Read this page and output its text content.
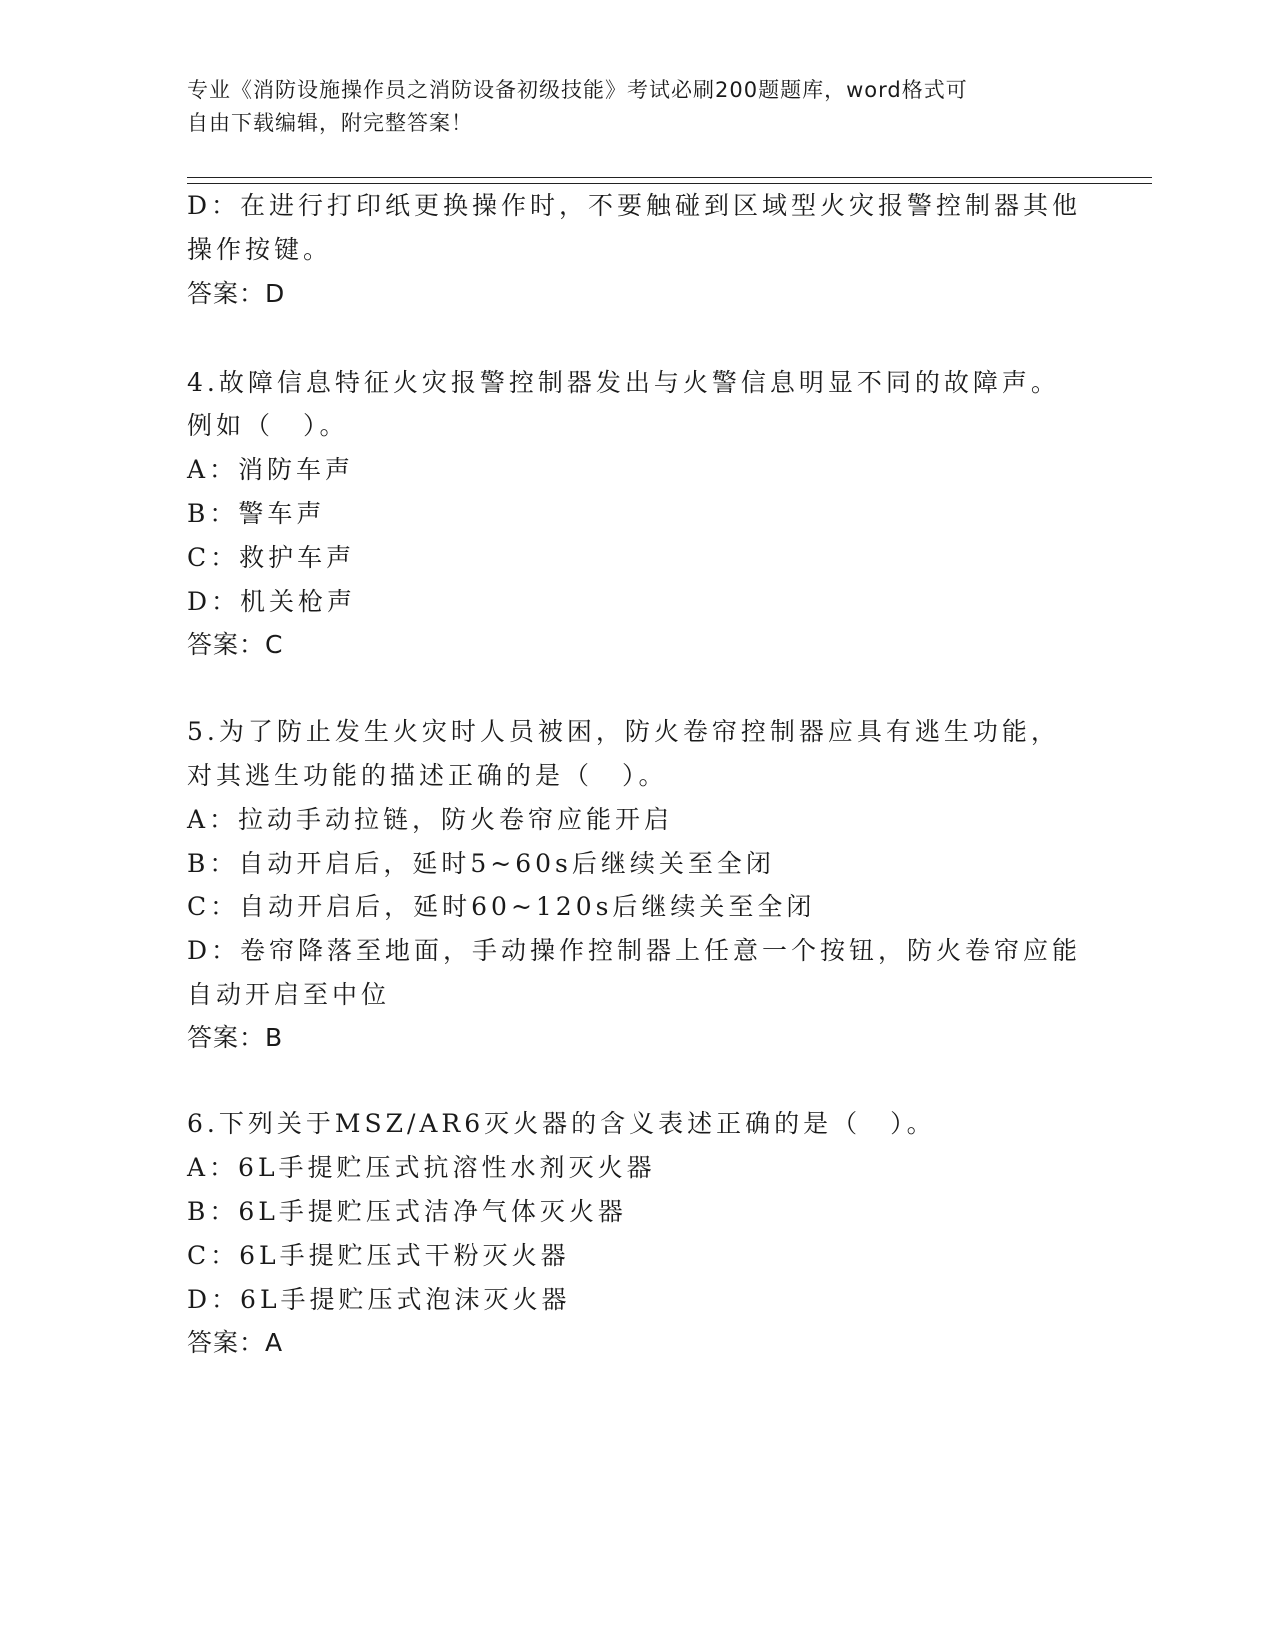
专业《消防设施操作员之消防设备初级技能》考试必刷200题题库，word格式可
自由下载编辑，附完整答案！
D：在进行打印纸更换操作时，不要触碰到区域型火灾报警控制器其他
操作按键。
答案：D
4.故障信息特征火灾报警控制器发出与火警信息明显不同的故障声。
例如（　）。
A：消防车声
B：警车声
C：救护车声
D：机关枪声
答案：C
5.为了防止发生火灾时人员被困，防火卷帘控制器应具有逃生功能，
对其逃生功能的描述正确的是（　）。
A：拉动手动拉链，防火卷帘应能开启
B：自动开启后，延时5~60s后继续关至全闭
C：自动开启后，延时60~120s后继续关至全闭
D：卷帘降落至地面，手动操作控制器上任意一个按钮，防火卷帘应能
自动开启至中位
答案：B
6.下列关于MSZ/AR6灭火器的含义表述正确的是（　）。
A：6L手提贮压式抗溶性水剂灭火器
B：6L手提贮压式洁净气体灭火器
C：6L手提贮压式干粉灭火器
D：6L手提贮压式泡沫灭火器
答案：A
